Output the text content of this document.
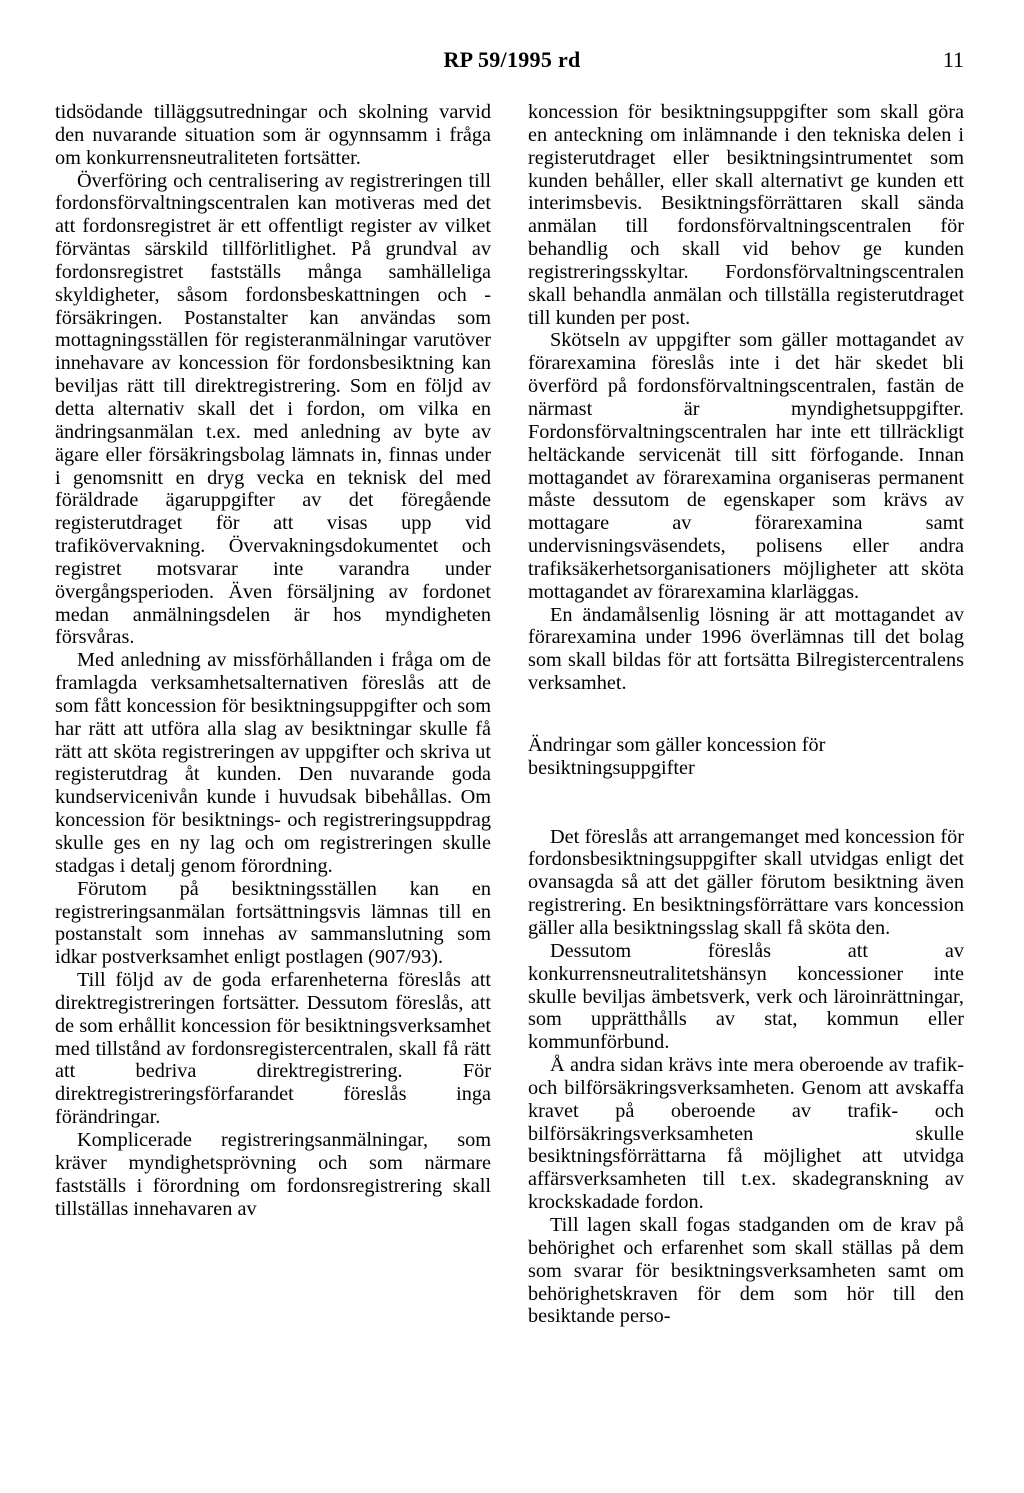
RP 59/1995 rd	11

tidsödande tilläggsutredningar och skolning varvid den nuvarande situation som är ogynnsamm i fråga om konkurrensneutraliteten fortsätter.

Överföring och centralisering av registreringen till fordonsförvaltningscentralen kan motiveras med det att fordonsregistret är ett offentligt register av vilket förväntas särskild tillförlitlighet. På grundval av fordonsregistret fastställs många samhälleliga skyldigheter, såsom fordonsbeskattningen och -försäkringen. Postanstalter kan användas som mottagningsställen för registeranmälningar varutöver innehavare av koncession för fordonsbesiktning kan beviljas rätt till direktregistrering. Som en följd av detta alternativ skall det i fordon, om vilka en ändringsanmälan t.ex. med anledning av byte av ägare eller försäkringsbolag lämnats in, finnas under i genomsnitt en dryg vecka en teknisk del med föräldrade ägaruppgifter av det föregående registerutdraget för att visas upp vid trafikövervakning. Övervakningsdokumentet och registret motsvarar inte varandra under övergångsperioden. Även försäljning av fordonet medan anmälningsdelen är hos myndigheten försvåras.

Med anledning av missförhållanden i fråga om de framlagda verksamhetsalternativen föreslås att de som fått koncession för besiktningsuppgifter och som har rätt att utföra alla slag av besiktningar skulle få rätt att sköta registreringen av uppgifter och skriva ut registerutdrag åt kunden. Den nuvarande goda kundservicenivån kunde i huvudsak bibehållas. Om koncession för besiktnings- och registreringsuppdrag skulle ges en ny lag och om registreringen skulle stadgas i detalj genom förordning.

Förutom på besiktningsställen kan en registreringsanmälan fortsättningsvis lämnas till en postanstalt som innehas av sammanslutning som idkar postverksamhet enligt postlagen (907/93).

Till följd av de goda erfarenheterna föreslås att direktregistreringen fortsätter. Dessutom föreslås, att de som erhållit koncession för besiktningsverksamhet med tillstånd av fordonsregistercentralen, skall få rätt att bedriva direktregistrering. För direktregistreringsförfarandet föreslås inga förändringar.

Komplicerade registreringsanmälningar, som kräver myndighetsprövning och som närmare fastställs i förordning om fordonsregistrering skall tillställas innehavaren av

koncession för besiktningsuppgifter som skall göra en anteckning om inlämnande i den tekniska delen i registerutdraget eller besiktningsintrumentet som kunden behåller, eller skall alternativt ge kunden ett interimsbevis. Besiktningsförrättaren skall sända anmälan till fordonsförvaltningscentralen för behandlig och skall vid behov ge kunden registreringsskyltar. Fordonsförvaltningscentralen skall behandla anmälan och tillställa registerutdraget till kunden per post.

Skötseln av uppgifter som gäller mottagandet av förarexamina föreslås inte i det här skedet bli överförd på fordonsförvaltningscentralen, fastän de närmast är myndighetsuppgifter. Fordonsförvaltningscentralen har inte ett tillräckligt heltäckande servicenät till sitt förfogande. Innan mottagandet av förarexamina organiseras permanent måste dessutom de egenskaper som krävs av mottagare av förarexamina samt undervisningsväsendets, polisens eller andra trafiksäkerhetsorganisationers möjligheter att sköta mottagandet av förarexamina klarläggas.

En ändamålsenlig lösning är att mottagandet av förarexamina under 1996 överlämnas till det bolag som skall bildas för att fortsätta Bilregistercentralens verksamhet.

Ändringar som gäller koncession för besiktningsuppgifter

Det föreslås att arrangemanget med koncession för fordonsbesiktningsuppgifter skall utvidgas enligt det ovansagda så att det gäller förutom besiktning även registrering. En besiktningsförrättare vars koncession gäller alla besiktningsslag skall få sköta den.

Dessutom föreslås att av konkurrensneutralitetshänsyn koncessioner inte skulle beviljas ämbetsverk, verk och läroinrättningar, som upprätthålls av stat, kommun eller kommunförbund.

Å andra sidan krävs inte mera oberoende av trafik- och bilförsäkringsverksamheten. Genom att avskaffa kravet på oberoende av trafik- och bilförsäkringsverksamheten skulle besiktningsförrättarna få möjlighet att utvidga affärsverksamheten till t.ex. skadegranskning av krockskadade fordon.

Till lagen skall fogas stadganden om de krav på behörighet och erfarenhet som skall ställas på dem som svarar för besiktningsverksamheten samt om behörighetskraven för dem som hör till den besiktande perso-
